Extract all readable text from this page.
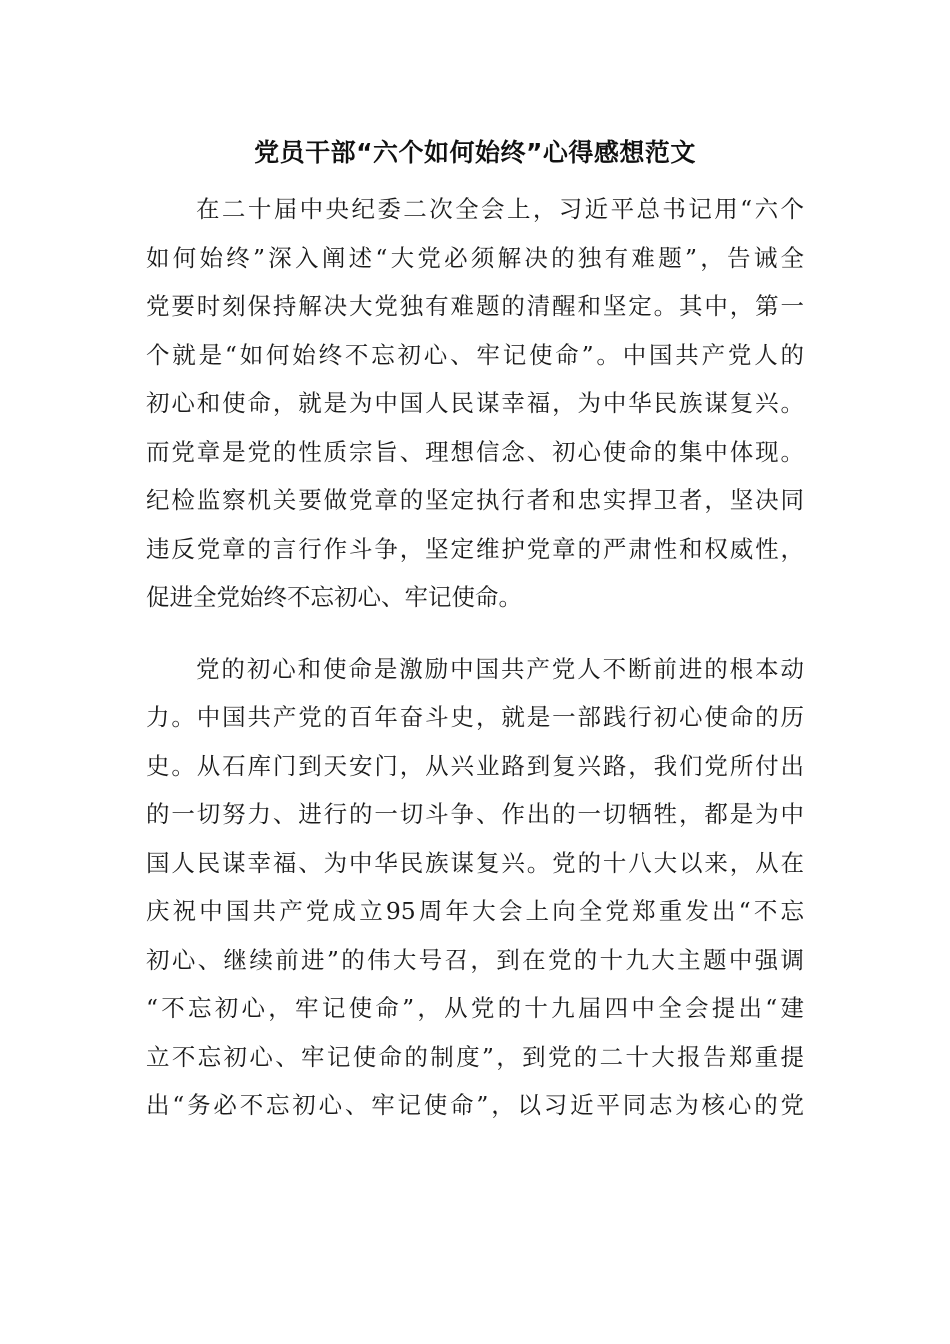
党员干部“六个如何始终”心得感想范文
在二十届中央纪委二次全会上，习近平总书记用“六个
如何始终”深入阐述“大党必须解决的独有难题”，告诫全
党要时刻保持解决大党独有难题的清醒和坚定。其中，第一
个就是“如何始终不忘初心、牢记使命”。中国共产党人的
初心和使命，就是为中国人民谋幸福，为中华民族谋复兴。
而党章是党的性质宗旨、理想信念、初心使命的集中体现。
纪检监察机关要做党章的坚定执行者和忠实捍卫者，坚决同
违反党章的言行作斗争，坚定维护党章的严肃性和权威性，
促进全党始终不忘初心、牢记使命。
党的初心和使命是激励中国共产党人不断前进的根本动
力。中国共产党的百年奋斗史，就是一部践行初心使命的历
史。从石库门到天安门，从兴业路到复兴路，我们党所付出
的一切努力、进行的一切斗争、作出的一切牺牲，都是为中
国人民谋幸福、为中华民族谋复兴。党的十八大以来，从在
庆祝中国共产党成立95周年大会上向全党郑重发出“不忘
初心、继续前进”的伟大号召，到在党的十九大主题中强调
“不忘初心，牢记使命”，从党的十九届四中全会提出“建
立不忘初心、牢记使命的制度”，到党的二十大报告郑重提
出“务必不忘初心、牢记使命”，以习近平同志为核心的党
